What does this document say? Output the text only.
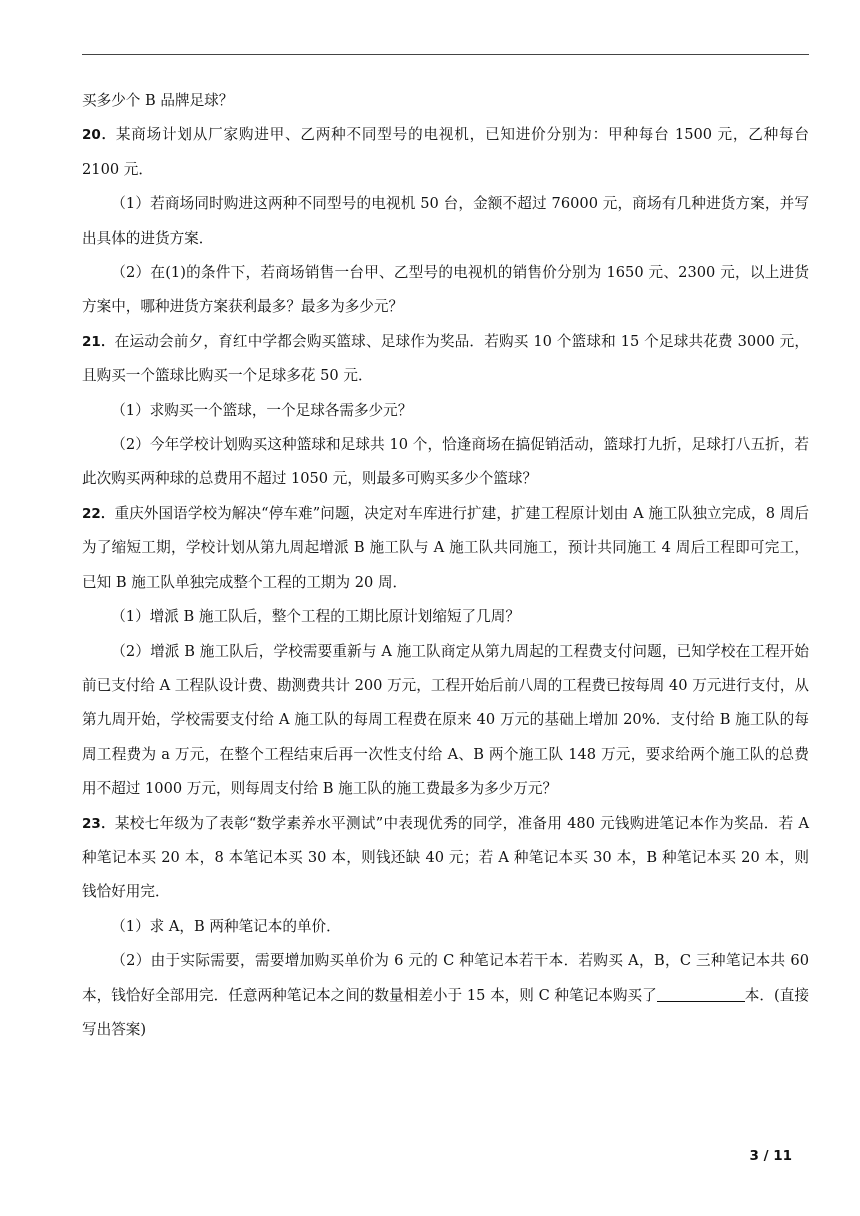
买多少个 B 品牌足球？

20．某商场计划从厂家购进甲、乙两种不同型号的电视机，已知进价分别为：甲种每台 1500 元，乙种每台 2100 元．

（1）若商场同时购进这两种不同型号的电视机 50 台，金额不超过 76000 元，商场有几种进货方案，并写出具体的进货方案．

（2）在(1)的条件下，若商场销售一台甲、乙型号的电视机的销售价分别为 1650 元、2300 元，以上进货方案中，哪种进货方案获利最多？最多为多少元？

21．在运动会前夕，育红中学都会购买篮球、足球作为奖品．若购买 10 个篮球和 15 个足球共花费 3000 元，且购买一个篮球比购买一个足球多花 50 元．

（1）求购买一个篮球，一个足球各需多少元？

（2）今年学校计划购买这种篮球和足球共 10 个，恰逢商场在搞促销活动，篮球打九折，足球打八五折，若此次购买两种球的总费用不超过 1050 元，则最多可购买多少个篮球？

22．重庆外国语学校为解决“停车难”问题，决定对车库进行扩建，扩建工程原计划由 A 施工队独立完成，8 周后为了缩短工期，学校计划从第九周起增派 B 施工队与 A 施工队共同施工，预计共同施工 4 周后工程即可完工，已知 B 施工队单独完成整个工程的工期为 20 周．

（1）增派 B 施工队后，整个工程的工期比原计划缩短了几周？

（2）增派 B 施工队后，学校需要重新与 A 施工队商定从第九周起的工程费支付问题，已知学校在工程开始前已支付给 A 工程队设计费、勘测费共计 200 万元，工程开始后前八周的工程费已按每周 40 万元进行支付，从第九周开始，学校需要支付给 A 施工队的每周工程费在原来 40 万元的基础上增加 20%．支付给 B 施工队的每周工程费为 a 万元，在整个工程结束后再一次性支付给 A、B 两个施工队 148 万元，要求给两个施工队的总费用不超过 1000 万元，则每周支付给 B 施工队的施工费最多为多少万元？

23．某校七年级为了表彰“数学素养水平测试”中表现优秀的同学，准备用 480 元钱购进笔记本作为奖品．若 A 种笔记本买 20 本，8 本笔记本买 30 本，则钱还缺 40 元；若 A 种笔记本买 30 本，B 种笔记本买 20 本，则钱恰好用完．

（1）求 A，B 两种笔记本的单价．

（2）由于实际需要，需要增加购买单价为 6 元的 C 种笔记本若干本．若购买 A，B，C 三种笔记本共 60 本，钱恰好全部用完．任意两种笔记本之间的数量相差小于 15 本，则 C 种笔记本购买了	本．(直接写出答案)

3 / 11
